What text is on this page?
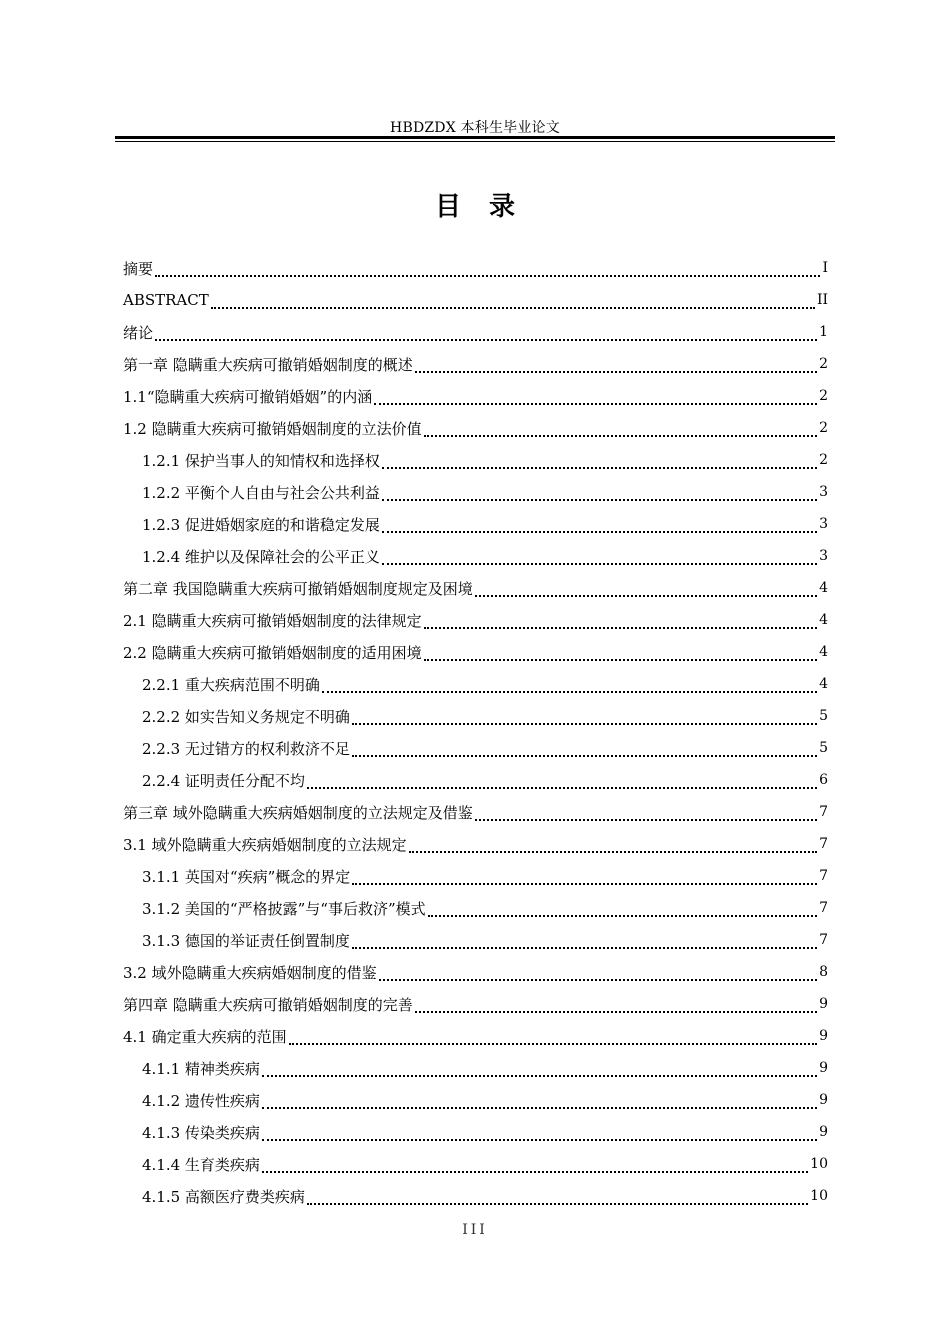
HBDZDX 本科生毕业论文
目录
摘要	I
ABSTRACT	II
绪论	1
第一章 隐瞒重大疾病可撤销婚姻制度的概述	2
1.1“隐瞒重大疾病可撤销婚姻”的内涵	2
1.2 隐瞒重大疾病可撤销婚姻制度的立法价值	2
1.2.1 保护当事人的知情权和选择权	2
1.2.2 平衡个人自由与社会公共利益	3
1.2.3 促进婚姻家庭的和谐稳定发展	3
1.2.4 维护以及保障社会的公平正义	3
第二章 我国隐瞒重大疾病可撤销婚姻制度规定及困境	4
2.1 隐瞒重大疾病可撤销婚姻制度的法律规定	4
2.2 隐瞒重大疾病可撤销婚姻制度的适用困境	4
2.2.1 重大疾病范围不明确	4
2.2.2 如实告知义务规定不明确	5
2.2.3 无过错方的权利救济不足	5
2.2.4 证明责任分配不均	6
第三章 域外隐瞒重大疾病婚姻制度的立法规定及借鉴	7
3.1 域外隐瞒重大疾病婚姻制度的立法规定	7
3.1.1 英国对“疾病”概念的界定	7
3.1.2 美国的“严格披露”与“事后救济”模式	7
3.1.3 德国的举证责任倒置制度	7
3.2 域外隐瞒重大疾病婚姻制度的借鉴	8
第四章 隐瞒重大疾病可撤销婚姻制度的完善	9
4.1 确定重大疾病的范围	9
4.1.1 精神类疾病	9
4.1.2 遗传性疾病	9
4.1.3 传染类疾病	9
4.1.4 生育类疾病	10
4.1.5 高额医疗费类疾病	10
III
